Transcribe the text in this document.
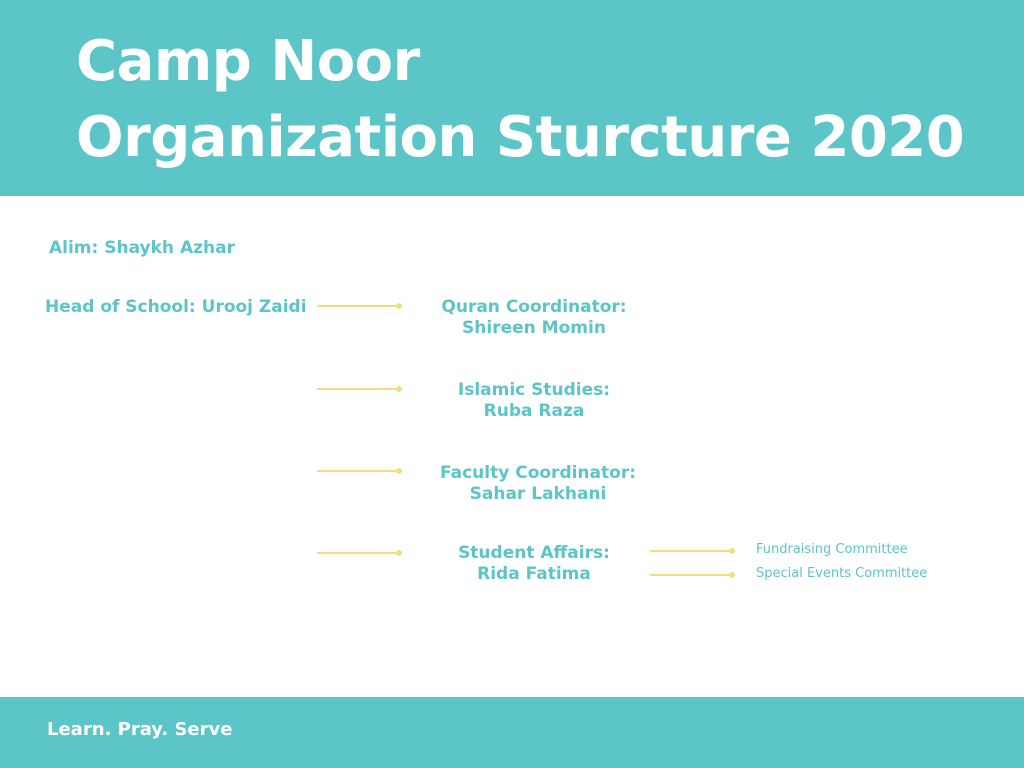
Camp Noor
Organization Sturcture 2020
Alim: Shaykh Azhar
Head of School: Urooj Zaidi	Quran Coordinator:
Shireen Momin
Islamic Studies:
Ruba Raza
Faculty Coordinator:
Sahar Lakhani
Student Affairs:
Rida Fatima
Fundraising Committee
Special Events Committee
Learn. Pray. Serve
